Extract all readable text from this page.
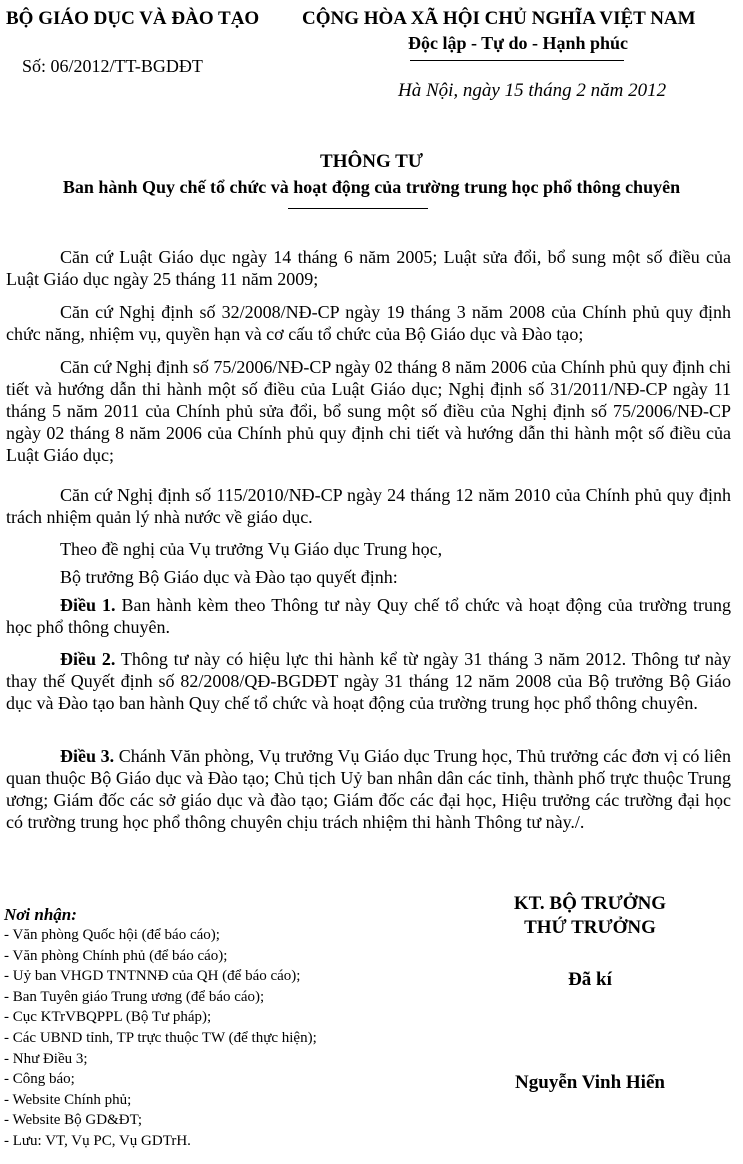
BỘ GIÁO DỤC VÀ ĐÀO TẠO
Số: 06/2012/TT-BGDĐT
CỘNG HÒA XÃ HỘI CHỦ NGHĨA VIỆT NAM
Độc lập - Tự do - Hạnh phúc
Hà Nội, ngày 15 tháng 2 năm 2012
THÔNG TƯ
Ban hành Quy chế tổ chức và hoạt động của trường trung học phổ thông chuyên
Căn cứ Luật Giáo dục ngày 14 tháng 6 năm 2005; Luật sửa đổi, bổ sung một số điều của Luật Giáo dục ngày 25 tháng 11 năm 2009;
Căn cứ Nghị định số 32/2008/NĐ-CP ngày 19 tháng 3 năm 2008 của Chính phủ quy định chức năng, nhiệm vụ, quyền hạn và cơ cấu tổ chức của Bộ Giáo dục và Đào tạo;
Căn cứ Nghị định số 75/2006/NĐ-CP ngày 02 tháng 8 năm 2006 của Chính phủ quy định chi tiết và hướng dẫn thi hành một số điều của Luật Giáo dục; Nghị định số 31/2011/NĐ-CP ngày 11 tháng 5 năm 2011 của Chính phủ sửa đổi, bổ sung một số điều của Nghị định số 75/2006/NĐ-CP ngày 02 tháng 8 năm 2006 của Chính phủ quy định chi tiết và hướng dẫn thi hành một số điều của Luật Giáo dục;
Căn cứ Nghị định số 115/2010/NĐ-CP ngày 24 tháng 12 năm 2010 của Chính phủ quy định trách nhiệm quản lý nhà nước về giáo dục.
Theo đề nghị của Vụ trưởng Vụ Giáo dục Trung học,
Bộ trưởng Bộ Giáo dục và Đào tạo quyết định:
Điều 1. Ban hành kèm theo Thông tư này Quy chế tổ chức và hoạt động của trường trung học phổ thông chuyên.
Điều 2. Thông tư này có hiệu lực thi hành kể từ ngày 31 tháng 3 năm 2012. Thông tư này thay thế Quyết định số 82/2008/QĐ-BGDĐT ngày 31 tháng 12 năm 2008 của Bộ trưởng Bộ Giáo dục và Đào tạo ban hành Quy chế tổ chức và hoạt động của trường trung học phổ thông chuyên.
Điều 3. Chánh Văn phòng, Vụ trưởng Vụ Giáo dục Trung học, Thủ trưởng các đơn vị có liên quan thuộc Bộ Giáo dục và Đào tạo; Chủ tịch Uỷ ban nhân dân các tỉnh, thành phố trực thuộc Trung ương; Giám đốc các sở giáo dục và đào tạo; Giám đốc các đại học, Hiệu trưởng các trường đại học có trường trung học phổ thông chuyên chịu trách nhiệm thi hành Thông tư này./.
Nơi nhận:
- Văn phòng Quốc hội (để báo cáo);
- Văn phòng Chính phủ (để báo cáo);
- Uỷ ban VHGD TNTNNĐ của QH (để báo cáo);
- Ban Tuyên giáo Trung ương (để báo cáo);
- Cục KTrVBQPPL (Bộ Tư pháp);
- Các UBND tỉnh, TP trực thuộc TW (để thực hiện);
- Như Điều 3;
- Công báo;
- Website Chính phủ;
- Website Bộ GD&ĐT;
- Lưu: VT, Vụ PC, Vụ GDTrH.
KT. BỘ TRƯỞNG
THỨ TRƯỞNG
Đã kí
Nguyễn Vinh Hiển
